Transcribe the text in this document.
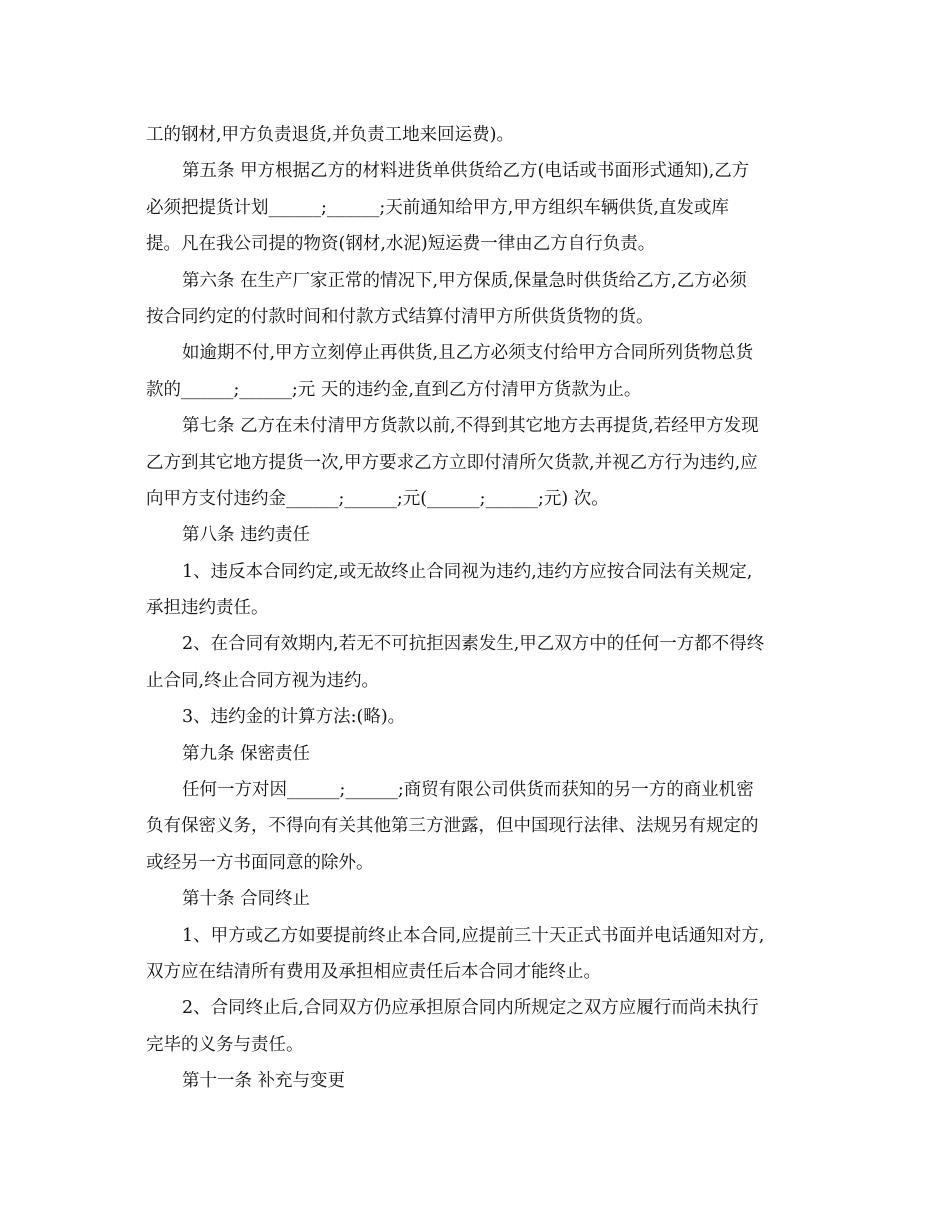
工的钢材,甲方负责退货,并负责工地来回运费)。
第五条 甲方根据乙方的材料进货单供货给乙方(电话或书面形式通知),乙方
必须把提货计划______;______;天前通知给甲方,甲方组织车辆供货,直发或库
提。凡在我公司提的物资(钢材,水泥)短运费一律由乙方自行负责。
第六条 在生产厂家正常的情况下,甲方保质,保量急时供货给乙方,乙方必须
按合同约定的付款时间和付款方式结算付清甲方所供货货物的货。
如逾期不付,甲方立刻停止再供货,且乙方必须支付给甲方合同所列货物总货
款的______;______;元 天的违约金,直到乙方付清甲方货款为止。
第七条 乙方在未付清甲方货款以前,不得到其它地方去再提货,若经甲方发现
乙方到其它地方提货一次,甲方要求乙方立即付清所欠货款,并视乙方行为违约,应
向甲方支付违约金______;______;元(______;______;元) 次。
第八条 违约责任
1、违反本合同约定,或无故终止合同视为违约,违约方应按合同法有关规定,
承担违约责任。
2、在合同有效期内,若无不可抗拒因素发生,甲乙双方中的任何一方都不得终
止合同,终止合同方视为违约。
3、违约金的计算方法:(略)。
第九条 保密责任
任何一方对因______;______;商贸有限公司供货而获知的另一方的商业机密
负有保密义务，不得向有关其他第三方泄露，但中国现行法律、法规另有规定的
或经另一方书面同意的除外。
第十条 合同终止
1、甲方或乙方如要提前终止本合同,应提前三十天正式书面并电话通知对方,
双方应在结清所有费用及承担相应责任后本合同才能终止。
2、合同终止后,合同双方仍应承担原合同内所规定之双方应履行而尚未执行
完毕的义务与责任。
第十一条 补充与变更
